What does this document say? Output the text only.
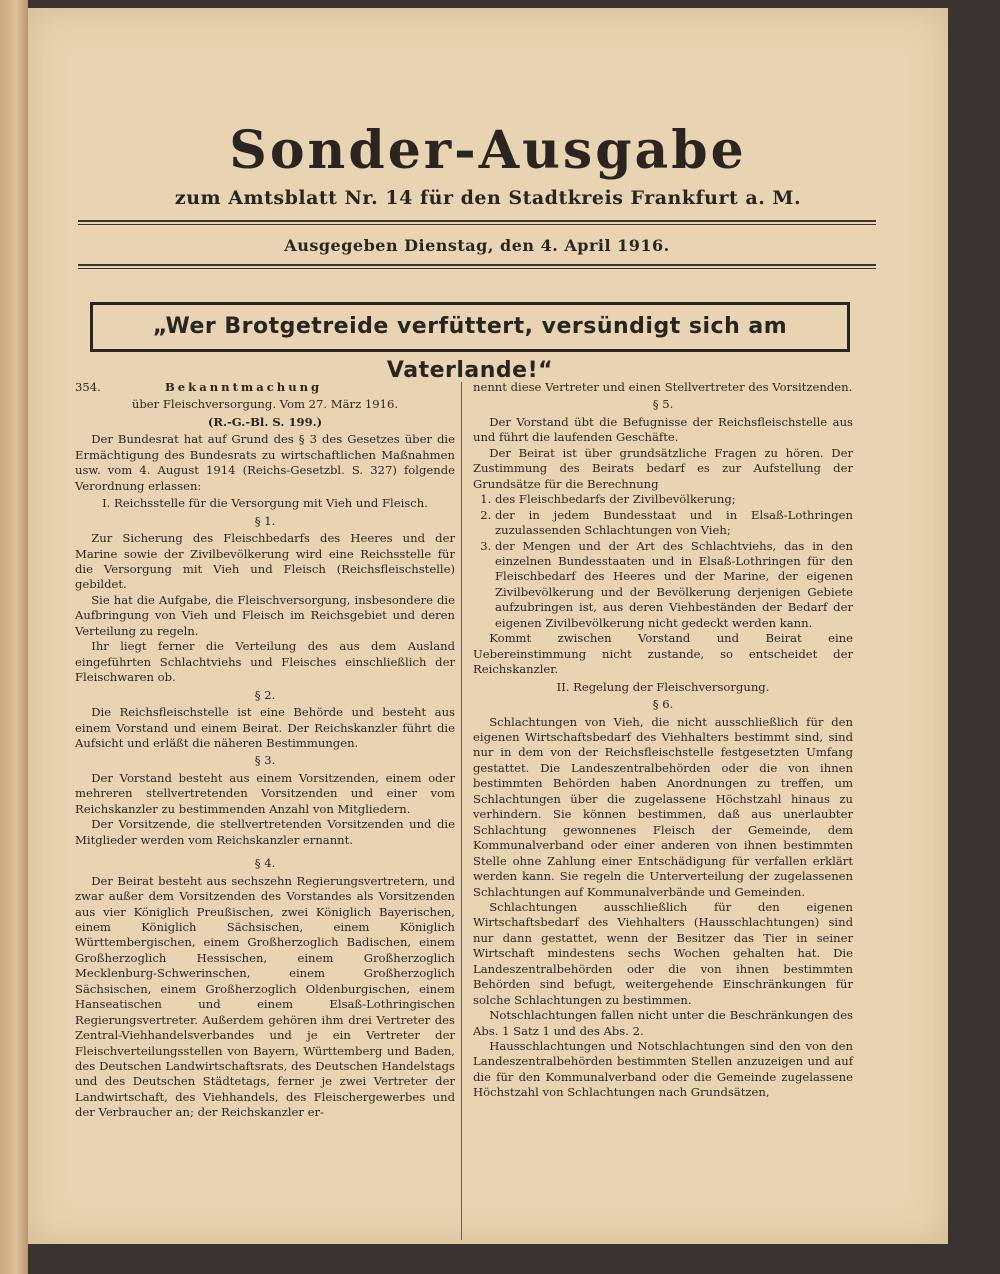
Sonder-Ausgabe
zum Amtsblatt Nr. 14 für den Stadtkreis Frankfurt a. M.
Ausgegeben Dienstag, den 4. April 1916.
„Wer Brotgetreide verfüttert, versündigt sich am Vaterlande!“
354.	Bekanntmachung

über Fleischversorgung. Vom 27. März 1916.

(R.-G.-Bl. S. 199.)

Der Bundesrat hat auf Grund des § 3 des Gesetzes über die Ermächtigung des Bundesrats zu wirtschaftlichen Maßnahmen usw. vom 4. August 1914 (Reichs-Gesetzbl. S. 327) folgende Verordnung erlassen:

I. Reichsstelle für die Versorgung mit Vieh und Fleisch.

§ 1.

Zur Sicherung des Fleischbedarfs des Heeres und der Marine sowie der Zivilbevölkerung wird eine Reichsstelle für die Versorgung mit Vieh und Fleisch (Reichsfleischstelle) gebildet.

Sie hat die Aufgabe, die Fleischversorgung, insbesondere die Aufbringung von Vieh und Fleisch im Reichsgebiet und deren Verteilung zu regeln.

Ihr liegt ferner die Verteilung des aus dem Ausland eingeführten Schlachtviehs und Fleisches einschließlich der Fleischwaren ob.

§ 2.

Die Reichsfleischstelle ist eine Behörde und besteht aus einem Vorstand und einem Beirat. Der Reichskanzler führt die Aufsicht und erläßt die näheren Bestimmungen.

§ 3.

Der Vorstand besteht aus einem Vorsitzenden, einem oder mehreren stellvertretenden Vorsitzenden und einer vom Reichskanzler zu bestimmenden Anzahl von Mitgliedern.

Der Vorsitzende, die stellvertretenden Vorsitzenden und die Mitglieder werden vom Reichskanzler ernannt.

§ 4.

Der Beirat besteht aus sechszehn Regierungsvertretern, und zwar außer dem Vorsitzenden des Vorstandes als Vorsitzenden aus vier Königlich Preußischen, zwei Königlich Bayerischen, einem Königlich Sächsischen, einem Königlich Württembergischen, einem Großherzoglich Badischen, einem Großherzoglich Hessischen, einem Großherzoglich Mecklenburg-Schwerinschen, einem Großherzoglich Sächsischen, einem Großherzoglich Oldenburgischen, einem Hanseatischen und einem Elsaß-Lothringischen Regierungsvertreter. Außerdem gehören ihm drei Vertreter des Zentral-Viehhandelsverbandes und je ein Vertreter der Fleischverteilungsstellen von Bayern, Württemberg und Baden, des Deutschen Landwirtschaftsrats, des Deutschen Handelstags und des Deutschen Städtetags, ferner je zwei Vertreter der Landwirtschaft, des Viehhandels, des Fleischergewerbes und der Verbraucher an; der Reichskanzler er-

nennt diese Vertreter und einen Stellvertreter des Vorsitzenden.

§ 5.

Der Vorstand übt die Befugnisse der Reichsfleischstelle aus und führt die laufenden Geschäfte.

Der Beirat ist über grundsätzliche Fragen zu hören. Der Zustimmung des Beirats bedarf es zur Aufstellung der Grundsätze für die Berechnung

1. des Fleischbedarfs der Zivilbevölkerung;
2. der in jedem Bundesstaat und in Elsaß-Lothringen zuzulassenden Schlachtungen von Vieh;
3. der Mengen und der Art des Schlachtviehs, das in den einzelnen Bundesstaaten und in Elsaß-Lothringen für den Fleischbedarf des Heeres und der Marine, der eigenen Zivilbevölkerung und der Bevölkerung derjenigen Gebiete aufzubringen ist, aus deren Viehbeständen der Bedarf der eigenen Zivilbevölkerung nicht gedeckt werden kann.

Kommt zwischen Vorstand und Beirat eine Uebereinstimmung nicht zustande, so entscheidet der Reichskanzler.

II. Regelung der Fleischversorgung.

§ 6.

Schlachtungen von Vieh, die nicht ausschließlich für den eigenen Wirtschaftsbedarf des Viehhalters bestimmt sind, sind nur in dem von der Reichsfleischstelle festgesetzten Umfang gestattet. Die Landeszentralbehörden oder die von ihnen bestimmten Behörden haben Anordnungen zu treffen, um Schlachtungen über die zugelassene Höchstzahl hinaus zu verhindern. Sie können bestimmen, daß aus unerlaubter Schlachtung gewonnenes Fleisch der Gemeinde, dem Kommunalverband oder einer anderen von ihnen bestimmten Stelle ohne Zahlung einer Entschädigung für verfallen erklärt werden kann. Sie regeln die Unterverteilung der zugelassenen Schlachtungen auf Kommunalverbände und Gemeinden.

Schlachtungen ausschließlich für den eigenen Wirtschaftsbedarf des Viehhalters (Hausschlachtungen) sind nur dann gestattet, wenn der Besitzer das Tier in seiner Wirtschaft mindestens sechs Wochen gehalten hat. Die Landeszentralbehörden oder die von ihnen bestimmten Behörden sind befugt, weitergehende Einschränkungen für solche Schlachtungen zu bestimmen.

Notschlachtungen fallen nicht unter die Beschränkungen des Abs. 1 Satz 1 und des Abs. 2.

Hausschlachtungen und Notschlachtungen sind den von den Landeszentralbehörden bestimmten Stellen anzuzeigen und auf die für den Kommunalverband oder die Gemeinde zugelassene Höchstzahl von Schlachtungen nach Grundsätzen,
